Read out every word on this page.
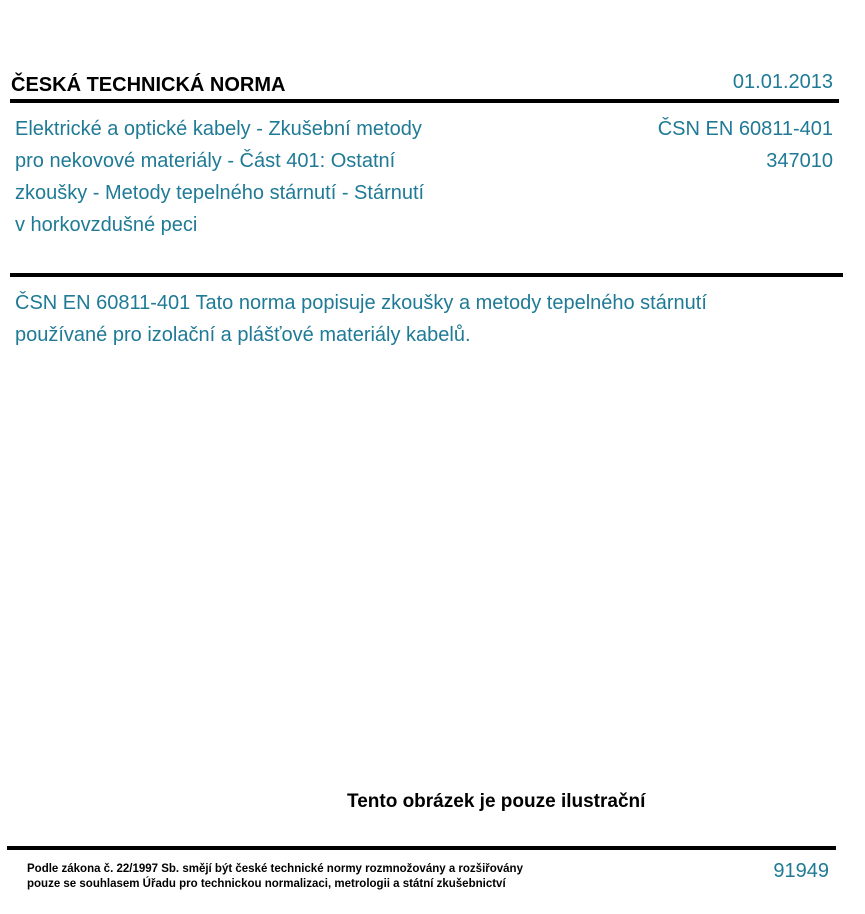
ČESKÁ TECHNICKÁ NORMA	01.01.2013
Elektrické a optické kabely - Zkušební metody
pro nekovové materiály - Část 401: Ostatní
zkoušky - Metody tepelného stárnutí - Stárnutí
v horkovzdušné peci
ČSN EN 60811-401
347010
ČSN EN 60811-401 Tato norma popisuje zkoušky a metody tepelného stárnutí
používané pro izolační a plášťové materiály kabelů.
Tento obrázek je pouze ilustrační
Podle zákona č. 22/1997 Sb. smějí být české technické normy rozmnožovány a rozšiřovány
pouze se souhlasem Úřadu pro technickou normalizaci, metrologii a státní zkušebnictví
91949
